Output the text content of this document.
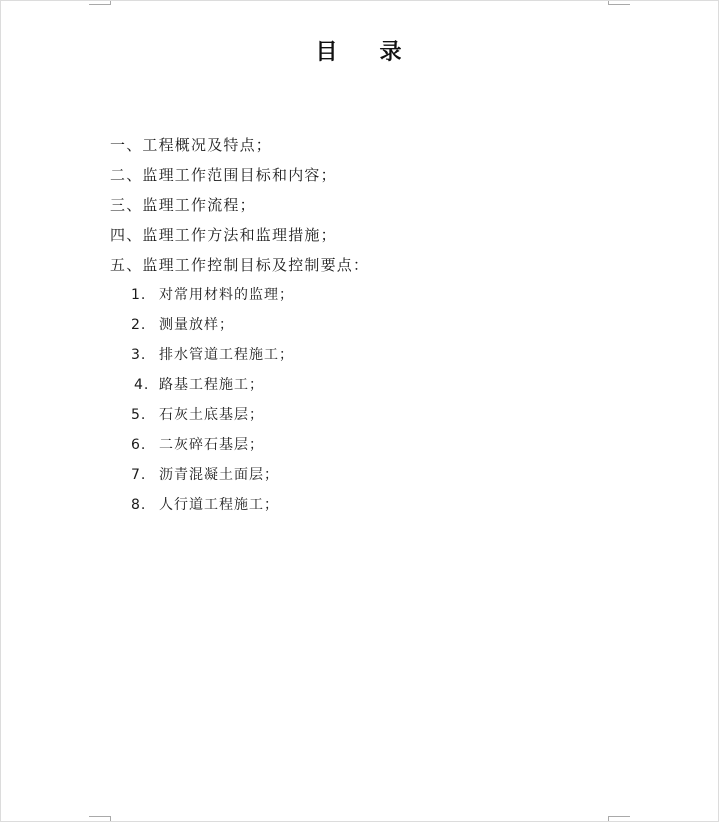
目 录
一、工程概况及特点；
二、监理工作范围目标和内容；
三、监理工作流程；
四、监理工作方法和监理措施；
五、监理工作控制目标及控制要点：
1. 对常用材料的监理；
2. 测量放样；
3. 排水管道工程施工；
4. 路基工程施工；
5. 石灰土底基层；
6. 二灰碎石基层；
7. 沥青混凝土面层；
8. 人行道工程施工；
